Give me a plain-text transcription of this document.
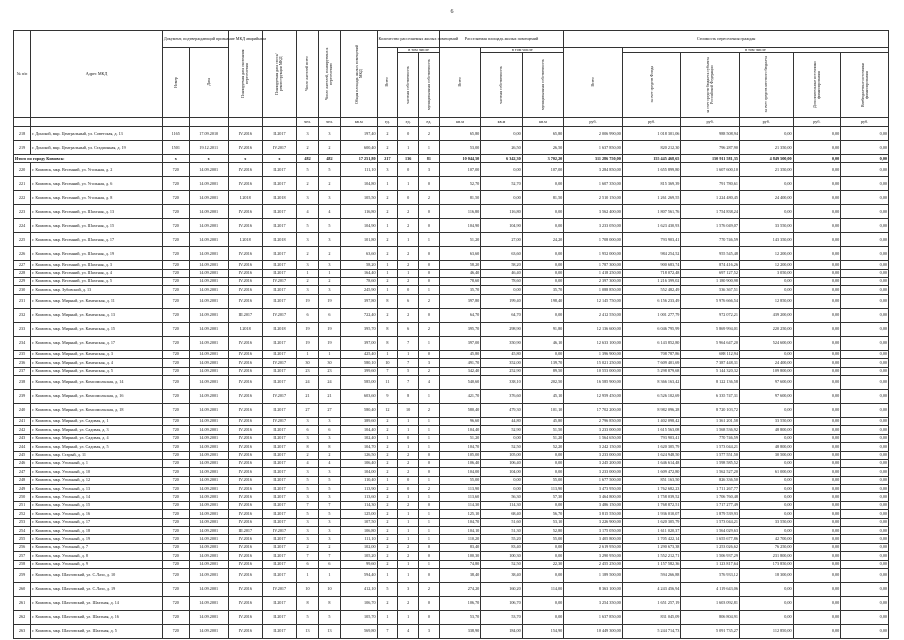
6
№ п/п	Адрес МКД	Документ, подтверждающий признание МКД аварийным		Планируемая дата окончания переселения	Планируемая дата сноса/реконструкции МКД	Число жителей всего	Число жителей, планируемых к переселению	Общая площадь жилых помещений МКД	Количество расселяемых жилых помещений			Расселяемая площадь жилых помещений			Стоимость переселения граждан					
		Номер	Дата						Всего	в том числе		Всего	в том числе		Всего	в том числе				
										частная собственность	муниципальная собственность		частная собственность	муниципальная собственность		за счет средств Фонда	за счет средств бюджета субъекта Российской Федерации	за счет средств местного бюджета	Дополнительные источники финансирования	Внебюджетные источники финансирования
						чел.	чел.	кв.м	ед.	ед.	ед.	кв.м	кв.м	кв.м	руб.	руб.	руб.	руб.	руб.	руб.
218	г. Донской, мкр. Центральный, ул. Советская, д. 13	1165	17.09.2010	IV.2016	II.2017	3	3	197,40	2	0	2	65,80	0,00	65,80	2 006 990,00	1 018 301,06	988 508,94	0,00	0,00	0,00
219	г. Донской, мкр. Центральный, ул. Стадионная, д. 19	1501	19.12.2011	IV.2016	IV.2017	2	2	600,40	2	1	1	53,00	26,50	26,50	1 637 850,00	820 212,30	796 287,90	21 350,00	0,00	0,00
Итого по городу Кимовск:		x	x	x	x	482	482	17 251,80	217	136	81	10 044,50	6 342,30	3 702,20	311 286 750,00	155 445 468,65	150 911 581,35	4 849 500,00	0,00	0,00
220	г. Кимовск, мкр. Весенний, ул. Угольная, д. 2	720	14.09.2001	IV.2016	II.2017	5	5	111,10	3	0	3	107,00	0,00	107,00	3 284 850,00	1 655 899,80	1 607 600,10	21 350,00	0,00	0,00
221	г. Кимовск, мкр. Весенний, ул. Угольная, д. 6	720	14.09.2001	IV.2016	II.2017	2	2	104,80	1	1	0	52,70	52,70	0,00	1 607 350,00	815 369,39	791 780,61	0,00	0,00	0,00
222	г. Кимовск, мкр. Весенний, ул. Угольная, д. 8	720	14.09.2001	I.2018	II.2018	3	3	105,50	2	0	2	81,50	0,00	81,50	2 510 150,00	1 261 269,55	1 224 480,45	24 400,00	0,00	0,00
223	г. Кимовск, мкр. Весенний, ул. Шахтная, д. 13	720	14.09.2001	IV.2016	II.2017	4	4	116,80	2	2	0	116,80	116,80	0,00	3 562 400,00	1 807 561,76	1 754 838,24	0,00	0,00	0,00
224	г. Кимовск, мкр. Весенний, ул. Шахтная, д. 15	720	14.09.2001	IV.2016	II.2017	5	5	104,90	1	2	0	104,90	104,90	0,00	3 233 050,00	1 623 430,93	1 576 049,07	33 550,00	0,00	0,00
225	г. Кимовск, мкр. Весенний, ул. Шахтная, д. 17	720	14.09.2001	I.2018	II.2018	3	3	101,80	2	1	1	51,20	27,00	24,20	1 708 000,00	793 903,41	770 746,59	143 350,00	0,00	0,00
226	г. Кимовск, мкр. Весенний, ул. Шахтная, д. 19	720	14.09.2001	IV.2016	II.2017	2	2	63,60	2	2	0	63,60	63,60	0,00	1 952 000,00	984 254,52	955 545,48	12 200,00	0,00	0,00
227	г. Кимовск, мкр. Весенний, ул. Шахтная, д. 3	720	14.09.2001	IV.2016	II.2017	3	3	58,20	1	2	0	58,20	58,20	0,00	1 787 300,00	900 683,74	874 416,26	12 200,00	0,00	0,00
228	г. Кимовск, мкр. Весенний, ул. Шахтная, д. 4	720	14.09.2001	IV.2016	II.2017	1	1	164,40	1	1	0	46,40	46,40	0,00	1 418 250,00	718 072,48	697 127,52	3 050,00	0,00	0,00
229	г. Кимовск, мкр. Весенний, ул. Шахтная, д. 5	720	14.09.2001	IV.2016	IV.2017	2	2	78,60	2	2	0	78,60	78,60	0,00	2 397 300,00	1 216 399,02	1 180 900,98	0,00	0,00	0,00
230	г. Кимовск, мкр. Зубовский, д. 13	720	14.09.2001	IV.2016	II.2017	3	3	245,90	1	0	1	35,70	0,00	35,70	1 088 850,00	552 482,49	536 367,51	0,00	0,00	0,00
231	г. Кимовск, мкр. Мирный, ул. Каменская, д. 11	720	14.09.2001	IV.2016	II.2017	19	19	397,80	8	6	2	397,80	199,40	198,40	12 145 750,00	6 156 233,49	5 976 666,54	12 850,00	0,00	0,00
232	г. Кимовск, мкр. Мирный, ул. Каменская, д. 13	720	14.09.2001	III.2017	IV.2017	6	6	722,40	2	2	0	64,70	64,70	0,00	2 412 550,00	1 001 277,79	972 072,21	439 200,00	0,00	0,00
233	г. Кимовск, мкр. Мирный, ул. Каменская, д. 15	720	14.09.2001	I.2018	II.2018	19	19	395,70	8	6	2	395,70	298,90	91,80	12 136 600,00	6 046 795,99	5 869 994,01	220 250,00	0,00	0,00
234	г. Кимовск, мкр. Мирный, ул. Каменская, д. 17	720	14.09.2001	IV.2016	II.2017	19	19	397,00	8	7	1	397,00	350,90	46,10	12 633 100,00	6 143 852,80	5 964 647,20	524 600,00	0,00	0,00
235	г. Кимовск, мкр. Мирный, ул. Каменская, д. 3	720	14.09.2001	IV.2016	II.2017	1	1	425,40	1	1	0	45,80	45,80	0,00	1 396 900,00	708 787,86	688 112,94	0,00	0,00	0,00
236	г. Кимовск, мкр. Мирный, ул. Каменская, д. 4	720	14.09.2001	IV.2016	IV.2017	30	30	580,10	10	7	3	491,70	352,00	139,70	15 021 250,00	7 609 401,69	7 387 448,31	24 400,00	0,00	0,00
237	г. Кимовск, мкр. Мирный, ул. Каменская, д. 5	720	14.09.2001	IV.2016	II.2017	23	23	399,60	7	5	2	342,40	252,90	89,50	10 553 000,00	5 298 879,68	5 144 320,32	109 800,00	0,00	0,00
238	г. Кимовск, мкр. Мирный, ул. Комсомольская, д. 14	720	14.09.2001	IV.2016	II.2017	24	24	585,00	11	7	4	540,60	338,10	202,50	16 585 900,00	8 366 163,42	8 122 136,58	97 600,00	0,00	0,00
239	г. Кимовск, мкр. Мирный, ул. Комсомольская, д. 16	720	14.09.2001	IV.2016	IV.2017	21	21	603,60	9	8	1	421,70	376,60	45,10	12 959 450,00	6 526 102,69	6 335 747,31	97 600,00	0,00	0,00
240	г. Кимовск, мкр. Мирный, ул. Комсомольская, д. 18	720	14.09.2001	IV.2016	II.2017	27	27	580,40	12	10	2	580,40	479,30	101,10	17 702 200,00	8 982 096,28	8 720 103,72	0,00	0,00	0,00
241	г. Кимовск, мкр. Мирный, ул. Садовая, д. 1	720	14.09.2001	IV.2016	IV.2017	3	3	389,60	2	1	1	96,60	44,80	45,80	2 796 850,00	1 402 098,42	1 361 201,58	33 550,00	0,00	0,00
242	г. Кимовск, мкр. Мирный, ул. Садовая, д. 3	720	14.09.2001	IV.2016	II.2017	6	6	104,40	2	1	1	104,40	52,90	51,50	3 233 000,00	1 615 563,08	1 568 536,92	48 800,00	0,00	0,00
243	г. Кимовск, мкр. Мирный, ул. Садовая, д. 4	720	14.09.2001	IV.2016	II.2017	3	3	102,40	1	0	1	51,20	0,00	51,20	1 564 650,00	793 903,41	770 746,59	0,00	0,00	0,00
244	г. Кимовск, мкр. Мирный, ул. Садовая, д. 5	720	14.09.2001	IV.2016	II.2017	8	8	104,70	2	1	1	104,70	52,50	52,20	3 242 150,00	1 620 305,79	1 573 044,21	48 800,00	0,00	0,00
245	г. Кимовск, мкр. Старый, д. 11	720	14.09.2001	IV.2016	II.2017	2	2	126,50	2	2	0	105,00	105,00	0,00	3 233 000,00	1 624 948,50	1 577 551,50	30 500,00	0,00	0,00
246	г. Кимовск, мкр. Угольный, д. 1	720	14.09.2001	IV.2016	II.2017	4	4	106,40	2	2	0	106,40	106,40	0,00	3 245 200,00	1 646 614,48	1 598 585,52	0,00	0,00	0,00
247	г. Кимовск, мкр. Угольный, д. 10	720	14.09.2001	IV.2016	II.2017	3	3	104,00	2	2	0	104,00	104,00	0,00	3 233 000,00	1 609 472,80	1 562 527,20	61 000,00	0,00	0,00
248	г. Кимовск, мкр. Угольный, д. 12	720	14.09.2001	IV.2016	II.2017	5	5	110,40	1	0	1	55,00	0,00	55,00	1 677 500,00	851 163,50	826 336,50	0,00	0,00	0,00
249	г. Кимовск, мкр. Угольный, д. 13	720	14.09.2001	IV.2016	II.2017	5	5	113,90	2	0	2	113,90	0,00	113,90	3 473 950,00	1 762 682,23	1 711 267,77	0,00	0,00	0,00
250	г. Кимовск, мкр. Угольный, д. 14	720	14.09.2001	IV.2016	II.2017	3	3	113,60	2	1	1	113,60	56,30	57,30	3 464 800,00	1 758 039,52	1 706 760,48	0,00	0,00	0,00
251	г. Кимовск, мкр. Угольный, д. 15	720	14.09.2001	IV.2016	II.2017	7	7	114,30	2	2	0	114,30	114,30	0,00	3 486 150,00	1 768 872,51	1 717 277,49	0,00	0,00	0,00
252	г. Кимовск, мкр. Угольный, д. 16	720	14.09.2001	IV.2016	II.2017	5	5	125,00	2	1	1	125,10	68,40	56,70	3 815 550,00	1 936 010,07	1 879 539,93	0,00	0,00	0,00
253	г. Кимовск, мкр. Угольный, д. 17	720	14.09.2001	IV.2016	II.2017	3	3	107,50	2	1	1	104,70	51,60	53,10	3 226 900,00	1 620 305,79	1 573 044,21	33 550,00	0,00	0,00
254	г. Кимовск, мкр. Угольный, д. 18	720	14.09.2001	III.2017	IV.2017	3	3	106,80	2	1	1	104,10	51,30	52,80	3 175 050,00	1 611 020,37	1 564 029,63	0,00	0,00	0,00
255	г. Кимовск, мкр. Угольный, д. 19	720	14.09.2001	IV.2016	II.2017	3	3	111,10	2	1	1	110,20	55,20	55,00	3 405 800,00	1 705 422,14	1 655 677,86	42 700,00	0,00	0,00
256	г. Кимовск, мкр. Угольный, д. 7	720	14.09.2001	IV.2016	II.2017	2	2	102,00	2	2	0	83,40	83,40	0,00	2 619 950,00	1 290 673,38	1 253 026,62	76 250,00	0,00	0,00
257	г. Кимовск, мкр. Угольный, д. 8	720	14.09.2001	IV.2016	II.2017	7	7	105,20	2	2	0	100,30	100,30	0,00	3 290 950,00	1 552 212,71	1 506 937,29	231 800,00	0,00	0,00
258	г. Кимовск, мкр. Угольный, д. 9	720	14.09.2001	IV.2016	II.2017	6	6	99,60	2	1	1	74,80	52,50	22,30	2 455 250,00	1 157 582,36	1 123 817,64	173 850,00	0,00	0,00
259	г. Кимовск, мкр. Шахтовский, ул. С.Лазо, д. 10	720	14.09.2001	IV.2016	II.2017	1	1	594,40	1	1	0	38,40	38,40	0,00	1 189 500,00	594 266,88	576 933,12	18 300,00	0,00	0,00
260	г. Кимовск, мкр. Шахтовский, ул. С.Лазо, д. 19	720	14.09.2001	IV.2016	IV.2017	10	10	412,10	5	3	2	274,20	160,20	114,00	8 363 100,00	4 243 456,94	4 119 643,06	0,00	0,00	0,00
261	г. Кимовск, мкр. Шахтовский, ул. Шахтная, д. 14	720	14.09.2001	IV.2016	II.2017	8	8	106,70	2	2	0	106,70	106,70	0,00	3 254 350,00	1 651 257,19	1 603 092,81	0,00	0,00	0,00
262	г. Кимовск, мкр. Шахтовский, ул. Шахтная, д. 16	720	14.09.2001	IV.2016	II.2017	5	5	105,70	1	1	0	53,70	53,70	0,00	1 637 850,00	831 045,09	806 804,91	0,00	0,00	0,00
263	г. Кимовск, мкр. Шахтовский, ул. Шахтная, д. 5	720	14.09.2001	IV.2016	II.2017	13	13	569,80	7	4	3	338,90	184,00	154,90	10 449 300,00	5 244 714,73	5 091 735,27	112 850,00	0,00	0,00
